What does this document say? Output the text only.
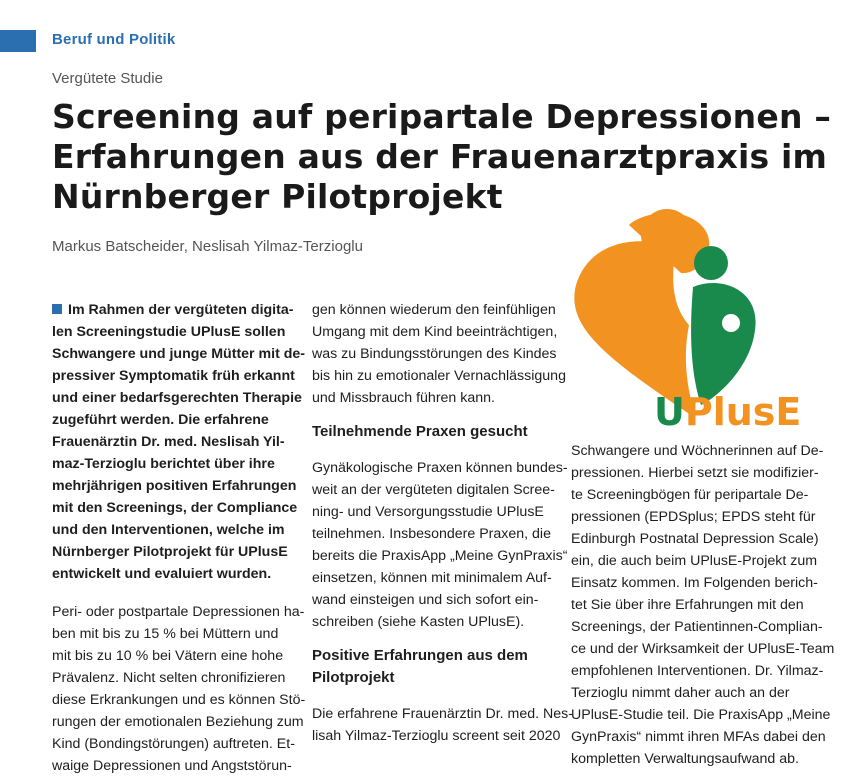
Beruf und Politik
Vergütete Studie
Screening auf peripartale Depressionen –
Erfahrungen aus der Frauenarztpraxis im
Nürnberger Pilotprojekt
Markus Batscheider, Neslisah Yilmaz-Terzioglu
UPlusE
Im Rahmen der vergüteten digita-
len Screeningstudie UPlusE sollen
Schwangere und junge Mütter mit de-
pressiver Symptomatik früh erkannt
und einer bedarfsgerechten Therapie
zugeführt werden. Die erfahrene
Frauenärztin Dr. med. Neslisah Yil-
maz-Terzioglu berichtet über ihre
mehrjährigen positiven Erfahrungen
mit den Screenings, der Compliance
und den Interventionen, welche im
Nürnberger Pilotprojekt für UPlusE
entwickelt und evaluiert wurden.
Peri- oder postpartale Depressionen ha-
ben mit bis zu 15 % bei Müttern und
mit bis zu 10 % bei Vätern eine hohe
Prävalenz. Nicht selten chronifizieren
diese Erkrankungen und es können Stö-
rungen der emotionalen Beziehung zum
Kind (Bondingstörungen) auftreten. Et-
waige Depressionen und Angststörun-
gen können wiederum den feinfühligen
Umgang mit dem Kind beeinträchtigen,
was zu Bindungsstörungen des Kindes
bis hin zu emotionaler Vernachlässigung
und Missbrauch führen kann.
Teilnehmende Praxen gesucht
Gynäkologische Praxen können bundes-
weit an der vergüteten digitalen Scree-
ning- und Versorgungsstudie UPlusE
teilnehmen. Insbesondere Praxen, die
bereits die PraxisApp „Meine GynPraxis“
einsetzen, können mit minimalem Auf-
wand einsteigen und sich sofort ein-
schreiben (siehe Kasten UPlusE).
Positive Erfahrungen aus dem
Pilotprojekt
Die erfahrene Frauenärztin Dr. med. Nes-
lisah Yilmaz-Terzioglu screent seit 2020
Schwangere und Wöchnerinnen auf De-
pressionen. Hierbei setzt sie modifizier-
te Screeningbögen für peripartale De-
pressionen (EPDSplus; EPDS steht für
Edinburgh Postnatal Depression Scale)
ein, die auch beim UPlusE-Projekt zum
Einsatz kommen. Im Folgenden berich-
tet Sie über ihre Erfahrungen mit den
Screenings, der Patientinnen-Complian-
ce und der Wirksamkeit der UPlusE-Team
empfohlenen Interventionen. Dr. Yilmaz-
Terzioglu nimmt daher auch an der
UPlusE-Studie teil. Die PraxisApp „Meine
GynPraxis“ nimmt ihren MFAs dabei den
kompletten Verwaltungsaufwand ab.
